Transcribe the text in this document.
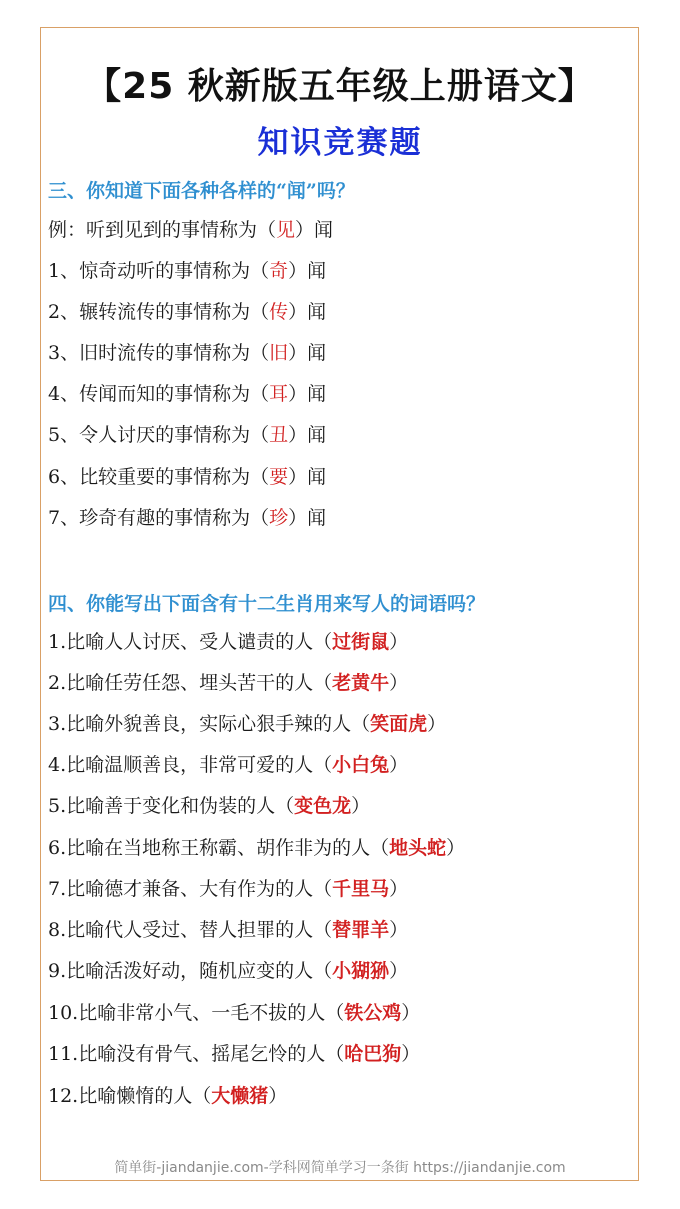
【25 秋新版五年级上册语文】
知识竞赛题
三、你知道下面各种各样的“闻”吗？
例：听到见到的事情称为（见）闻
1、惊奇动听的事情称为（奇）闻
2、辗转流传的事情称为（传）闻
3、旧时流传的事情称为（旧）闻
4、传闻而知的事情称为（耳）闻
5、令人讨厌的事情称为（丑）闻
6、比较重要的事情称为（要）闻
7、珍奇有趣的事情称为（珍）闻
四、你能写出下面含有十二生肖用来写人的词语吗？
1.比喻人人讨厌、受人谴责的人（过街鼠）
2.比喻任劳任怨、埋头苦干的人（老黄牛）
3.比喻外貌善良，实际心狠手辣的人（笑面虎）
4.比喻温顺善良，非常可爱的人（小白兔）
5.比喻善于变化和伪装的人（变色龙）
6.比喻在当地称王称霸、胡作非为的人（地头蛇）
7.比喻德才兼备、大有作为的人（千里马）
8.比喻代人受过、替人担罪的人（替罪羊）
9.比喻活泼好动，随机应变的人（小猢狲）
10.比喻非常小气、一毛不拔的人（铁公鸡）
11.比喻没有骨气、摇尾乞怜的人（哈巴狗）
12.比喻懒惰的人（大懒猪）
简单街-jiandanjie.com-学科网简单学习一条街 https://jiandanjie.com
